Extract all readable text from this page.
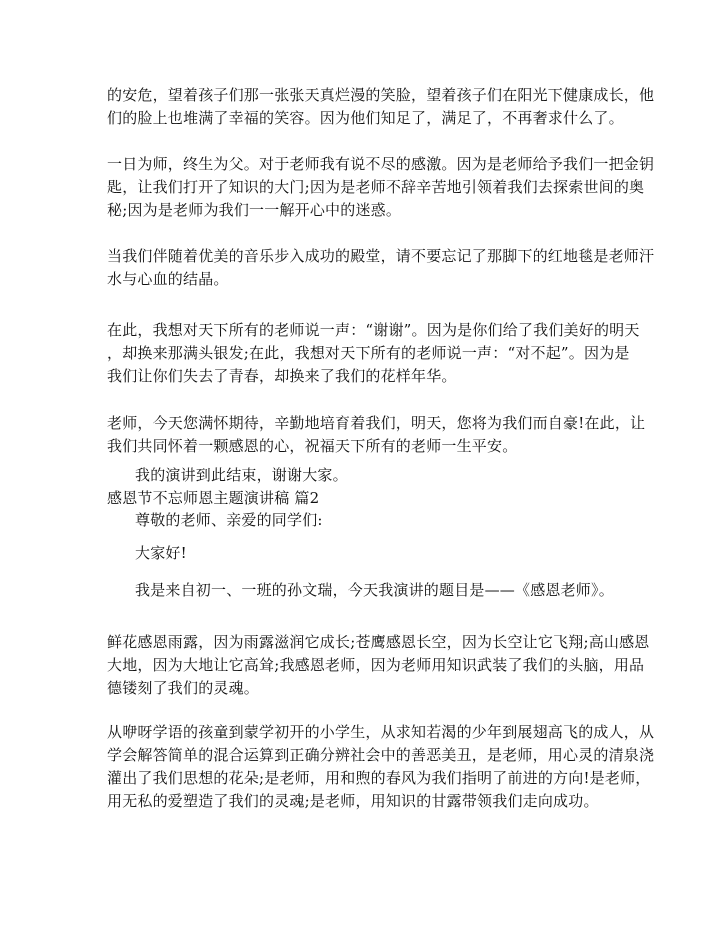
的安危，望着孩子们那一张张天真烂漫的笑脸，望着孩子们在阳光下健康成长，他
们的脸上也堆满了幸福的笑容。因为他们知足了，满足了，不再奢求什么了。
一日为师，终生为父。对于老师我有说不尽的感激。因为是老师给予我们一把金钥
匙，让我们打开了知识的大门;因为是老师不辞辛苦地引领着我们去探索世间的奥
秘;因为是老师为我们一一解开心中的迷惑。
当我们伴随着优美的音乐步入成功的殿堂，请不要忘记了那脚下的红地毯是老师汗
水与心血的结晶。
在此，我想对天下所有的老师说一声：“谢谢”。因为是你们给了我们美好的明天
，却换来那满头银发;在此，我想对天下所有的老师说一声：“对不起”。因为是
我们让你们失去了青春，却换来了我们的花样年华。
老师，今天您满怀期待，辛勤地培育着我们，明天，您将为我们而自豪!在此，让
我们共同怀着一颗感恩的心，祝福天下所有的老师一生平安。
我的演讲到此结束，谢谢大家。
感恩节不忘师恩主题演讲稿 篇2
尊敬的老师、亲爱的同学们:
大家好!
我是来自初一、一班的孙文瑞，今天我演讲的题目是——《感恩老师》。
鲜花感恩雨露，因为雨露滋润它成长;苍鹰感恩长空，因为长空让它飞翔;高山感恩
大地，因为大地让它高耸;我感恩老师，因为老师用知识武装了我们的头脑，用品
德镂刻了我们的灵魂。
从咿呀学语的孩童到蒙学初开的小学生，从求知若渴的少年到展翅高飞的成人，从
学会解答简单的混合运算到正确分辨社会中的善恶美丑，是老师，用心灵的清泉浇
灌出了我们思想的花朵;是老师，用和煦的春风为我们指明了前进的方向!是老师，
用无私的爱塑造了我们的灵魂;是老师，用知识的甘露带领我们走向成功。
